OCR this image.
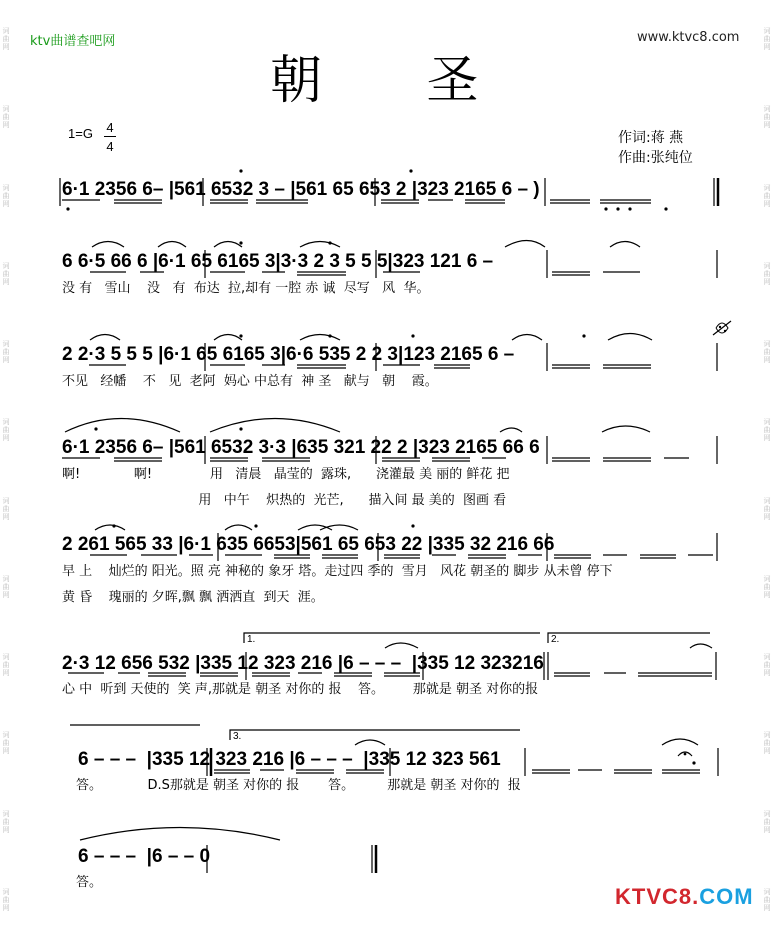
词曲网
词曲网
词曲网
词曲网
词曲网
词曲网
词曲网
词曲网
词曲网
词曲网
词曲网
词曲网
词曲网
词曲网
词曲网
词曲网
词曲网
词曲网
词曲网
词曲网
词曲网
词曲网
词曲网
词曲网
ktv曲谱查吧网	www.ktvc8.com
朝 圣
1=G 4
4
作词:蒋 燕
作曲:张纯位
6·1 2356 6– |561 6532 3 – |561 65 653 2 |323 2165 6 – )
6 6·5 66 6 |6·1 65 6165 3|3·3 2 3 5 5 5|323 121 6 –
没 有   雪山    没   有  布达  拉,却有 一腔 赤 诚  尽写   风  华。
2 2·3 5 5 5 |6·1 65 6165 3|6·6 535 2 2 3|123 2165 6 –
不见   经幡    不   见  老阿  妈心 中总有  神 圣   献与   朝    霞。
6·1 2356 6– |561 6532 3·3 |635 321 22 2 |323 2165 66 6
啊!             啊!              用   清晨   晶莹的  露珠,      浇灌最 美 丽的 鲜花 把
用   中午    炽热的  光芒,      描入间 最 美的  图画 看
2 261 565 33 |6·1 635 6653|561 65 653 22 |335 32 216 66
早 上    灿烂的 阳光。照 亮 神秘的 象牙 塔。走过四 季的  雪月   风花 朝圣的 脚步 从未曾 停下
黄 昏    瑰丽的 夕晖,飘 飘 洒洒直  到天  涯。
1.	2.
2·3 12 656 532 |335 12 323 216 |6 – – –  |335 12 323216
心 中  听到 天使的  笑 声,那就是 朝圣 对你的 报    答。       那就是 朝圣 对你的报
3.
6 – – –  |335 12 323 216 |6 – – –  |335 12 323 561
答。           D.S那就是 朝圣 对你的 报       答。        那就是 朝圣 对你的  报
6 – – –  |6 – – 0
答。
KTVC8.COM
